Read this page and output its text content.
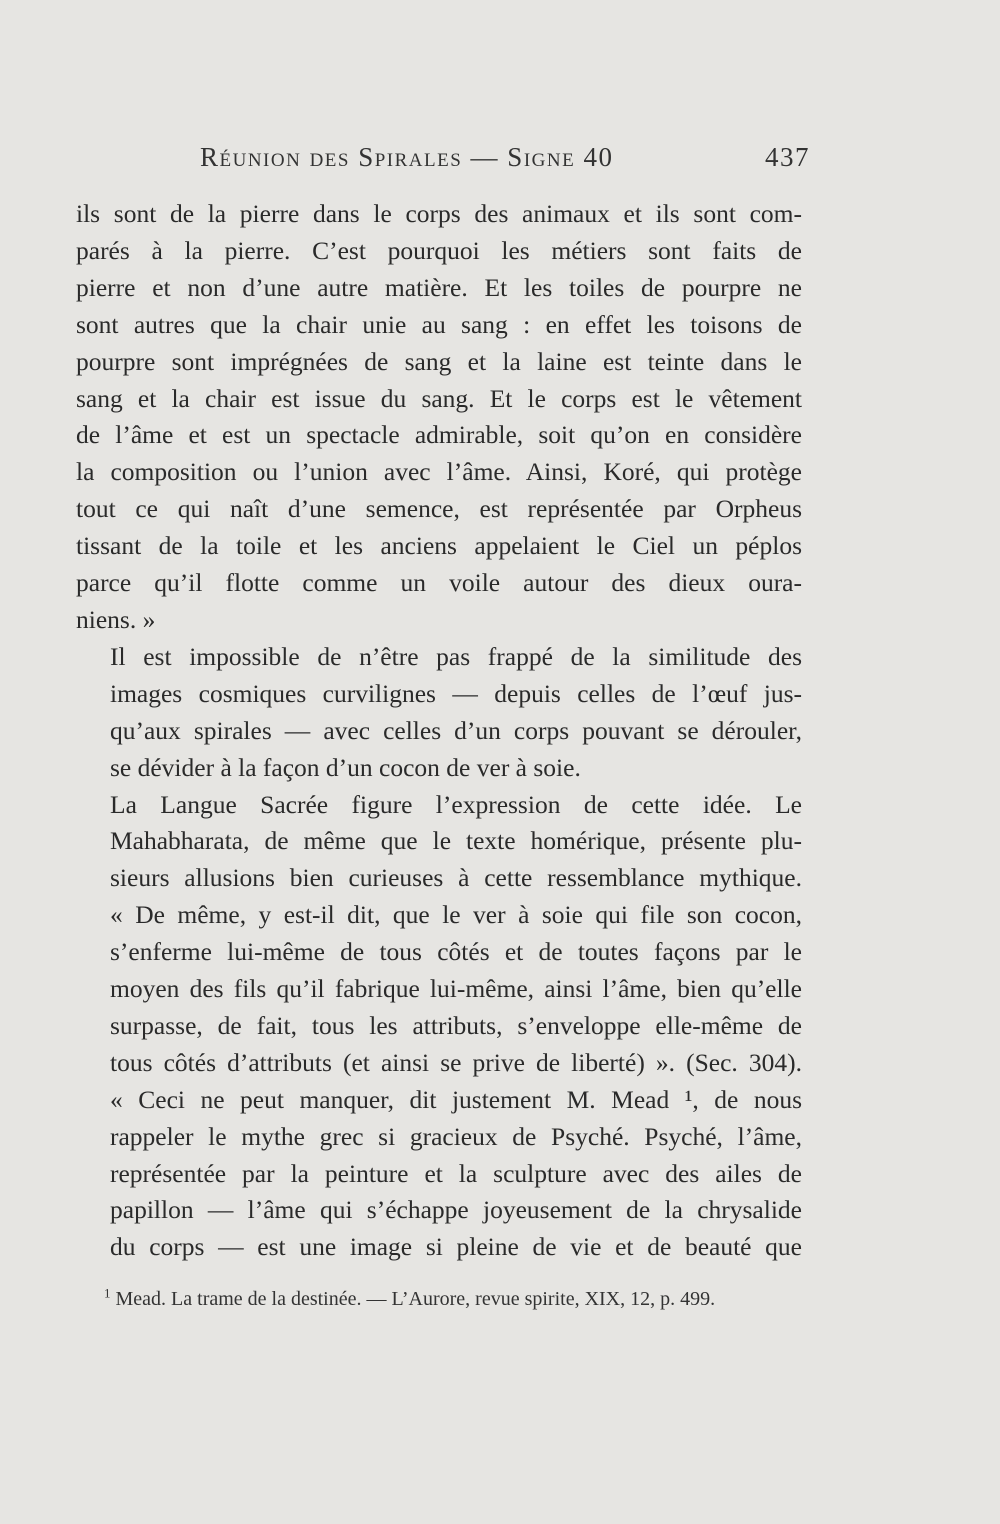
Réunion des Spirales — Signe 40	437

ils sont de la pierre dans le corps des animaux et ils sont com-
parés à la pierre. C’est pourquoi les métiers sont faits de
pierre et non d’une autre matière. Et les toiles de pourpre ne
sont autres que la chair unie au sang : en effet les toisons de
pourpre sont imprégnées de sang et la laine est teinte dans le
sang et la chair est issue du sang. Et le corps est le vêtement
de l’âme et est un spectacle admirable, soit qu’on en considère
la composition ou l’union avec l’âme. Ainsi, Koré, qui protège
tout ce qui naît d’une semence, est représentée par Orpheus
tissant de la toile et les anciens appelaient le Ciel un péplos
parce qu’il flotte comme un voile autour des dieux oura-
niens. »

Il est impossible de n’être pas frappé de la similitude des
images cosmiques curvilignes — depuis celles de l’œuf jus-
qu’aux spirales — avec celles d’un corps pouvant se dérouler,
se dévider à la façon d’un cocon de ver à soie.

La Langue Sacrée figure l’expression de cette idée. Le
Mahabharata, de même que le texte homérique, présente plu-
sieurs allusions bien curieuses à cette ressemblance mythique.

« De même, y est-il dit, que le ver à soie qui file son cocon,
s’enferme lui-même de tous côtés et de toutes façons par le
moyen des fils qu’il fabrique lui-même, ainsi l’âme, bien qu’elle
surpasse, de fait, tous les attributs, s’enveloppe elle-même de
tous côtés d’attributs (et ainsi se prive de liberté) ». (Sec. 304).

« Ceci ne peut manquer, dit justement M. Mead ¹, de nous
rappeler le mythe grec si gracieux de Psyché. Psyché, l’âme,
représentée par la peinture et la sculpture avec des ailes de
papillon — l’âme qui s’échappe joyeusement de la chrysalide
du corps — est une image si pleine de vie et de beauté que

$^1$ Mead. La trame de la destinée. — L’Aurore, revue spirite, XIX, 12, p. 499.
